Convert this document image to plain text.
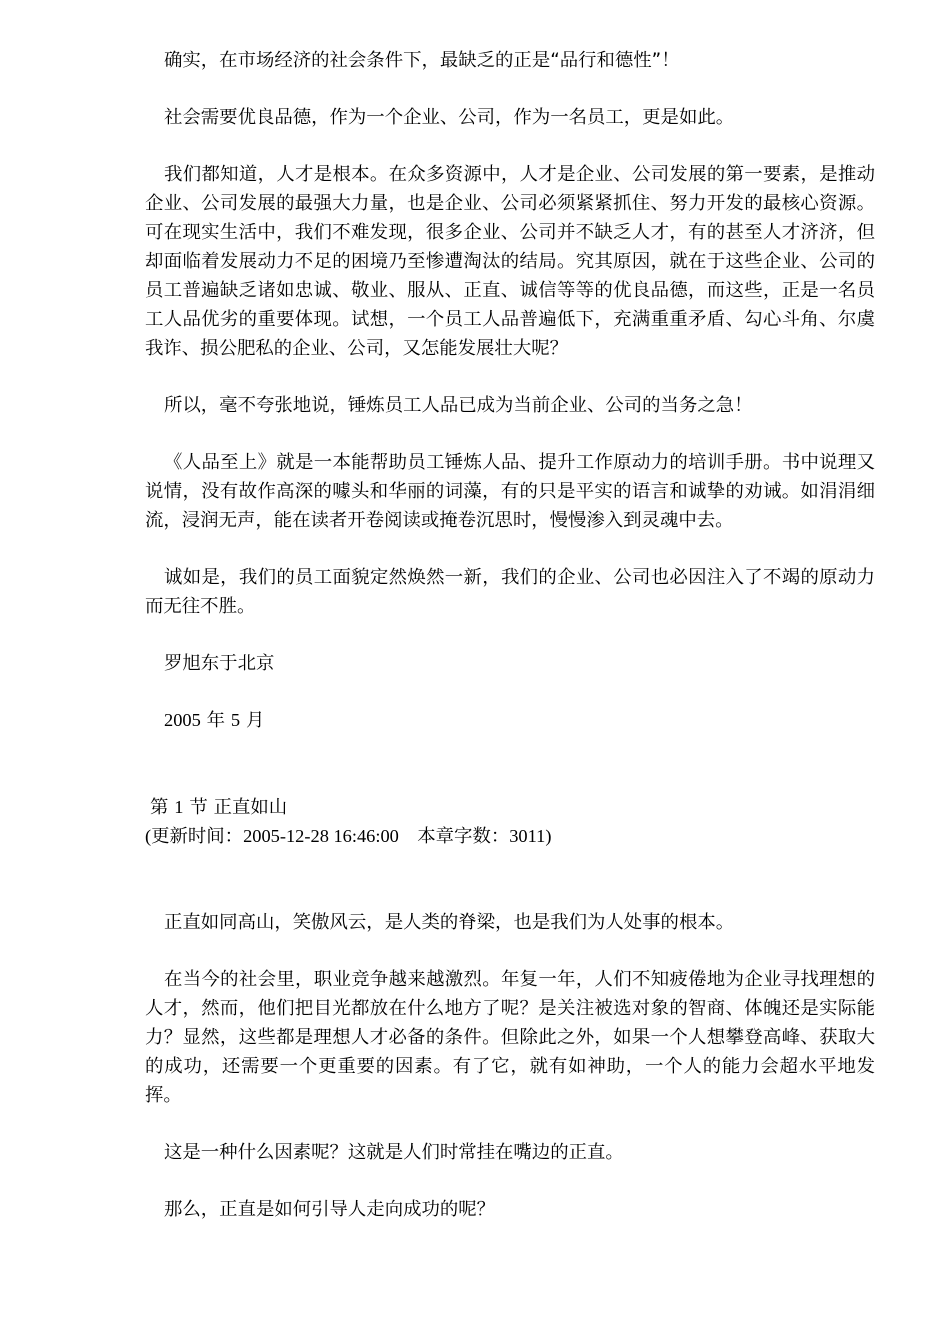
确实，在市场经济的社会条件下，最缺乏的正是“品行和德性”！

社会需要优良品德，作为一个企业、公司，作为一名员工，更是如此。

我们都知道，人才是根本。在众多资源中，人才是企业、公司发展的第一要素，是推动企业、公司发展的最强大力量，也是企业、公司必须紧紧抓住、努力开发的最核心资源。可在现实生活中，我们不难发现，很多企业、公司并不缺乏人才，有的甚至人才济济，但却面临着发展动力不足的困境乃至惨遭淘汰的结局。究其原因，就在于这些企业、公司的员工普遍缺乏诸如忠诚、敬业、服从、正直、诚信等等的优良品德，而这些，正是一名员工人品优劣的重要体现。试想，一个员工人品普遍低下，充满重重矛盾、勾心斗角、尔虞我诈、损公肥私的企业、公司，又怎能发展壮大呢？

所以，毫不夸张地说，锤炼员工人品已成为当前企业、公司的当务之急！

《人品至上》就是一本能帮助员工锤炼人品、提升工作原动力的培训手册。书中说理又说情，没有故作高深的噱头和华丽的词藻，有的只是平实的语言和诚挚的劝诫。如涓涓细流，浸润无声，能在读者开卷阅读或掩卷沉思时，慢慢渗入到灵魂中去。

诚如是，我们的员工面貌定然焕然一新，我们的企业、公司也必因注入了不竭的原动力而无往不胜。

罗旭东于北京

2005 年 5 月

第 1 节 正直如山

(更新时间：2005-12-28 16:46:00　本章字数：3011)

正直如同高山，笑傲风云，是人类的脊梁，也是我们为人处事的根本。

在当今的社会里，职业竞争越来越激烈。年复一年，人们不知疲倦地为企业寻找理想的人才，然而，他们把目光都放在什么地方了呢？是关注被选对象的智商、体魄还是实际能力？显然，这些都是理想人才必备的条件。但除此之外，如果一个人想攀登高峰、获取大的成功，还需要一个更重要的因素。有了它，就有如神助，一个人的能力会超水平地发挥。

这是一种什么因素呢？这就是人们时常挂在嘴边的正直。

那么，正直是如何引导人走向成功的呢？
